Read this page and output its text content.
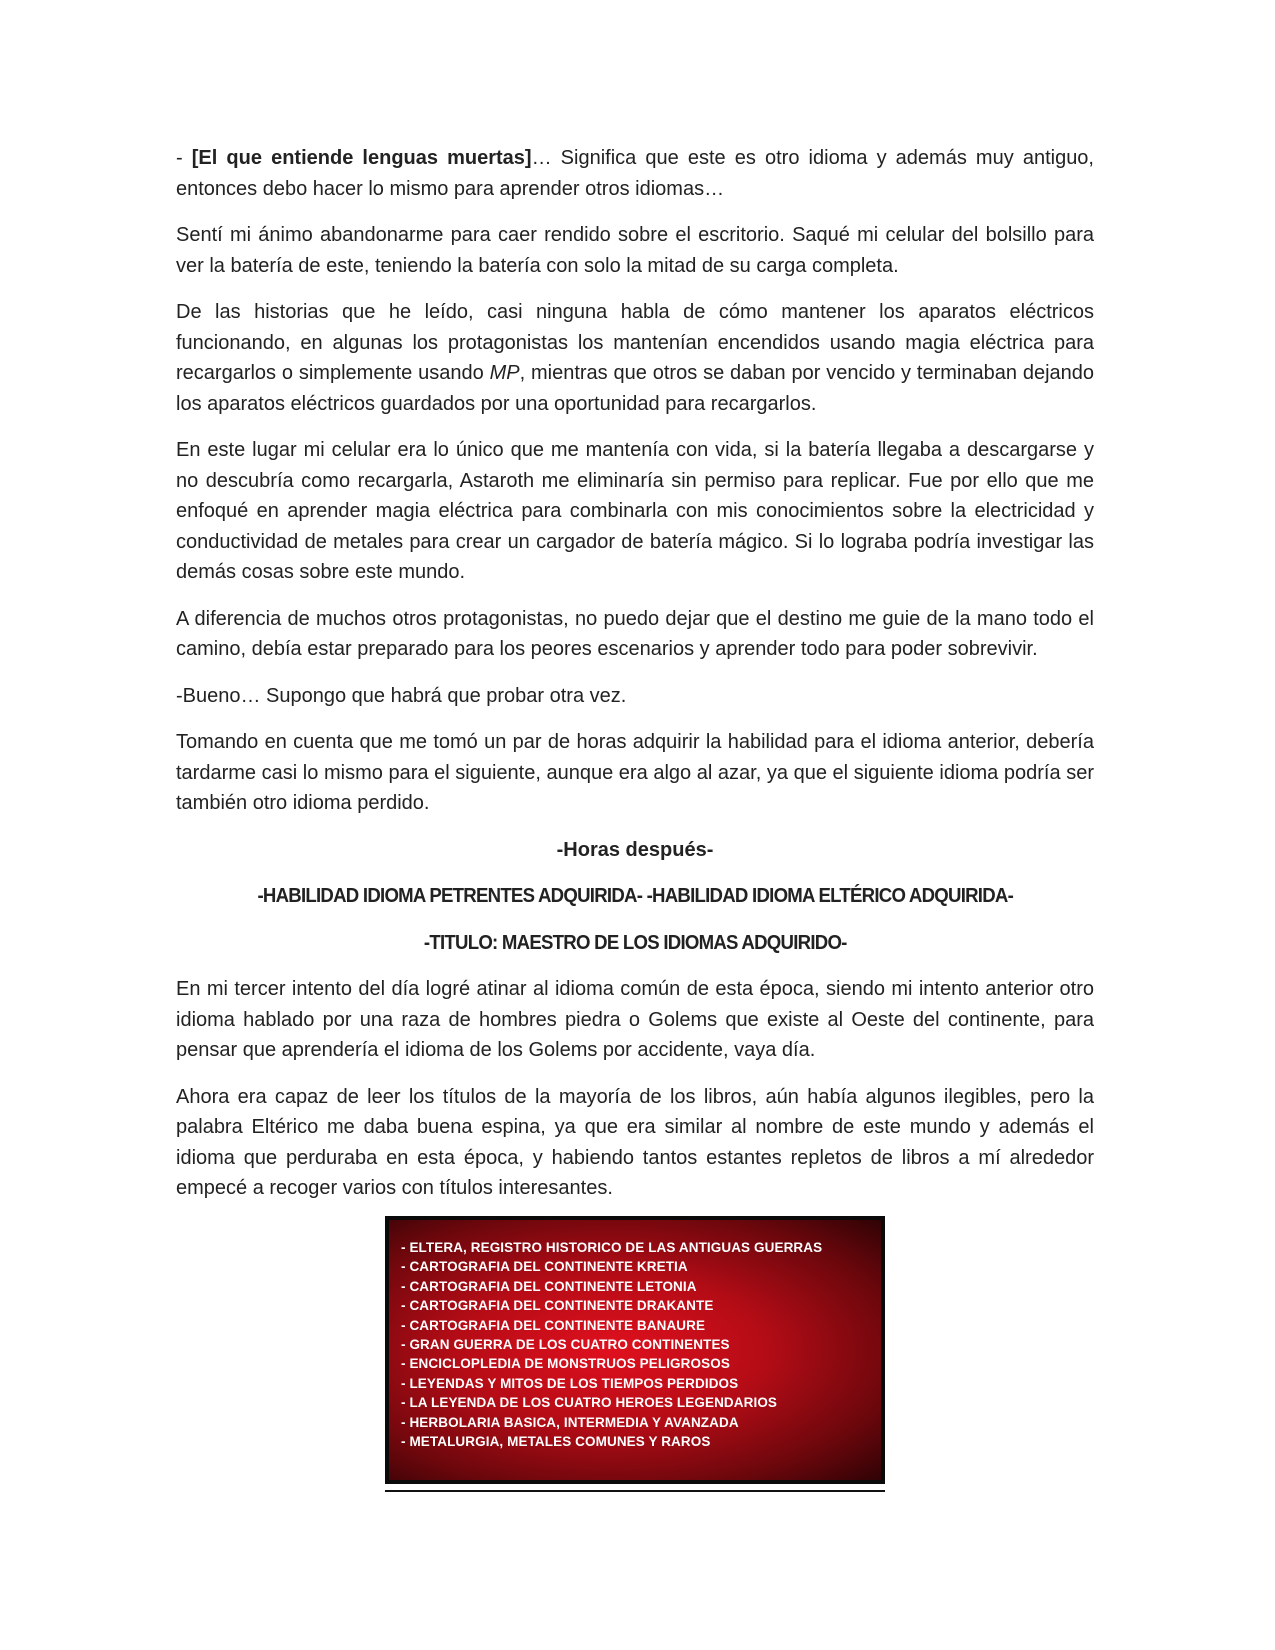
- [El que entiende lenguas muertas]… Significa que este es otro idioma y además muy antiguo, entonces debo hacer lo mismo para aprender otros idiomas…

Sentí mi ánimo abandonarme para caer rendido sobre el escritorio. Saqué mi celular del bolsillo para ver la batería de este, teniendo la batería con solo la mitad de su carga completa.

De las historias que he leído, casi ninguna habla de cómo mantener los aparatos eléctricos funcionando, en algunas los protagonistas los mantenían encendidos usando magia eléctrica para recargarlos o simplemente usando MP, mientras que otros se daban por vencido y terminaban dejando los aparatos eléctricos guardados por una oportunidad para recargarlos.

En este lugar mi celular era lo único que me mantenía con vida, si la batería llegaba a descargarse y no descubría como recargarla, Astaroth me eliminaría sin permiso para replicar. Fue por ello que me enfoqué en aprender magia eléctrica para combinarla con mis conocimientos sobre la electricidad y conductividad de metales para crear un cargador de batería mágico. Si lo lograba podría investigar las demás cosas sobre este mundo.

A diferencia de muchos otros protagonistas, no puedo dejar que el destino me guie de la mano todo el camino, debía estar preparado para los peores escenarios y aprender todo para poder sobrevivir.

-Bueno… Supongo que habrá que probar otra vez.

Tomando en cuenta que me tomó un par de horas adquirir la habilidad para el idioma anterior, debería tardarme casi lo mismo para el siguiente, aunque era algo al azar, ya que el siguiente idioma podría ser también otro idioma perdido.

-Horas después-

-HABILIDAD IDIOMA PETRENTES ADQUIRIDA- -HABILIDAD IDIOMA ELTÉRICO ADQUIRIDA-

-TITULO: MAESTRO DE LOS IDIOMAS ADQUIRIDO-

En mi tercer intento del día logré atinar al idioma común de esta época, siendo mi intento anterior otro idioma hablado por una raza de hombres piedra o Golems que existe al Oeste del continente, para pensar que aprendería el idioma de los Golems por accidente, vaya día.

Ahora era capaz de leer los títulos de la mayoría de los libros, aún había algunos ilegibles, pero la palabra Eltérico me daba buena espina, ya que era similar al nombre de este mundo y además el idioma que perduraba en esta época, y habiendo tantos estantes repletos de libros a mí alrededor empecé a recoger varios con títulos interesantes.

- ELTERA, REGISTRO HISTORICO DE LAS ANTIGUAS GUERRAS
- CARTOGRAFIA DEL CONTINENTE KRETIA
- CARTOGRAFIA DEL CONTINENTE LETONIA
- CARTOGRAFIA DEL CONTINENTE DRAKANTE
- CARTOGRAFIA DEL CONTINENTE BANAURE
- GRAN GUERRA DE LOS CUATRO CONTINENTES
- ENCICLOPLEDIA DE MONSTRUOS PELIGROSOS
- LEYENDAS Y MITOS DE LOS TIEMPOS PERDIDOS
- LA LEYENDA DE LOS CUATRO HEROES LEGENDARIOS
- HERBOLARIA BASICA, INTERMEDIA Y AVANZADA
- METALURGIA, METALES COMUNES Y RAROS
